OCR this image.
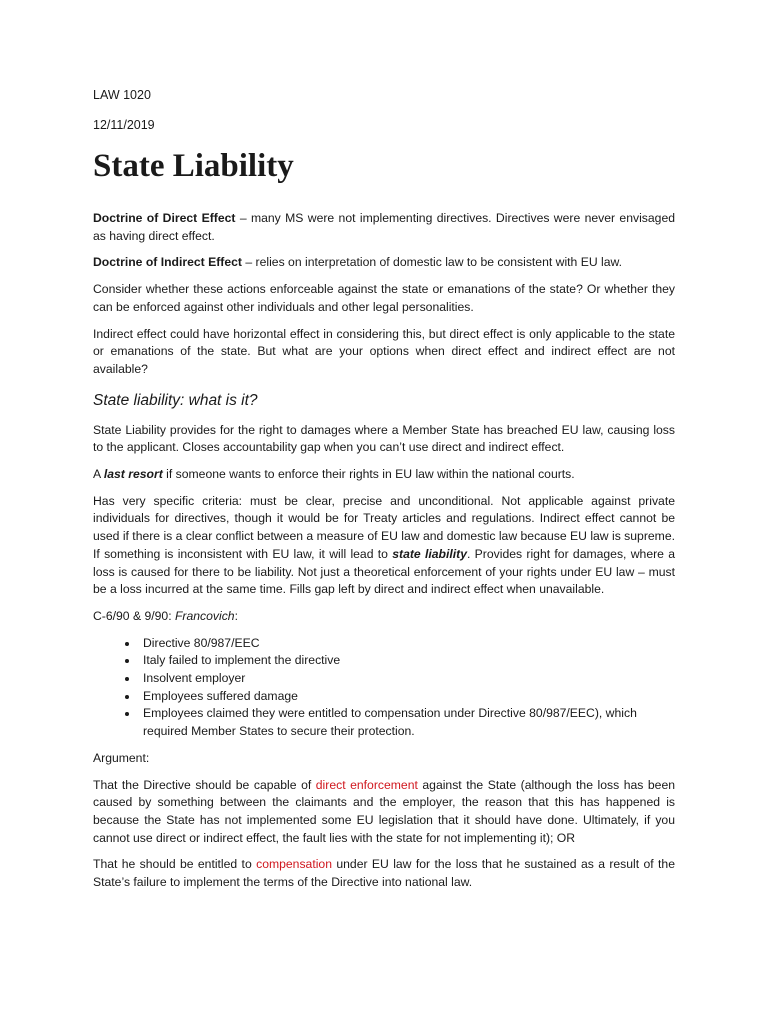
LAW 1020
12/11/2019
State Liability

Doctrine of Direct Effect – many MS were not implementing directives. Directives were never envisaged as having direct effect.

Doctrine of Indirect Effect – relies on interpretation of domestic law to be consistent with EU law.

Consider whether these actions enforceable against the state or emanations of the state? Or whether they can be enforced against other individuals and other legal personalities.

Indirect effect could have horizontal effect in considering this, but direct effect is only applicable to the state or emanations of the state. But what are your options when direct effect and indirect effect are not available?

State liability: what is it?

State Liability provides for the right to damages where a Member State has breached EU law, causing loss to the applicant. Closes accountability gap when you can’t use direct and indirect effect.

A last resort if someone wants to enforce their rights in EU law within the national courts.

Has very specific criteria: must be clear, precise and unconditional. Not applicable against private individuals for directives, though it would be for Treaty articles and regulations. Indirect effect cannot be used if there is a clear conflict between a measure of EU law and domestic law because EU law is supreme. If something is inconsistent with EU law, it will lead to state liability. Provides right for damages, where a loss is caused for there to be liability. Not just a theoretical enforcement of your rights under EU law – must be a loss incurred at the same time. Fills gap left by direct and indirect effect when unavailable.

C-6/90 & 9/90: Francovich:

• Directive 80/987/EEC
• Italy failed to implement the directive
• Insolvent employer
• Employees suffered damage
• Employees claimed they were entitled to compensation under Directive 80/987/EEC), which required Member States to secure their protection.

Argument:

That the Directive should be capable of direct enforcement against the State (although the loss has been caused by something between the claimants and the employer, the reason that this has happened is because the State has not implemented some EU legislation that it should have done. Ultimately, if you cannot use direct or indirect effect, the fault lies with the state for not implementing it); OR

That he should be entitled to compensation under EU law for the loss that he sustained as a result of the State’s failure to implement the terms of the Directive into national law.
